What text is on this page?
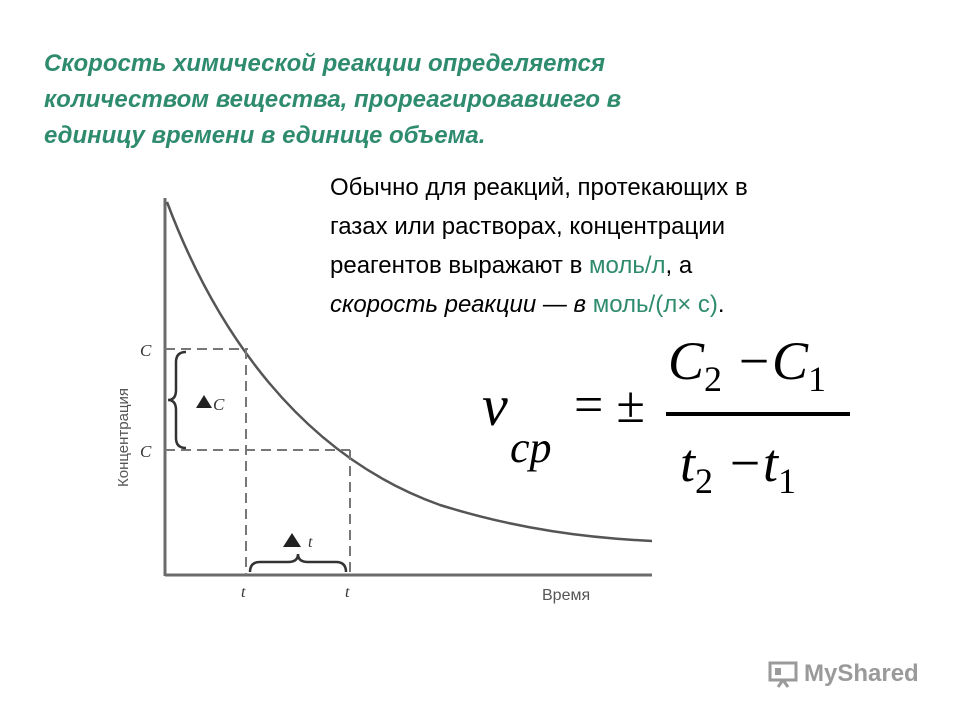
Скорость химической реакции определяется
количеством вещества, прореагировавшего в
единицу времени в единице объема.
Обычно для реакций, протекающих в
газах или растворах, концентрации
реагентов выражают в моль/л, а
скорость реакции — в моль/(л× с).
C
C
C
t	t
t
Время
Концентрация	v
cp
= ±
$C_2 -C_1$
$t_2 -t_1$
MyShared
